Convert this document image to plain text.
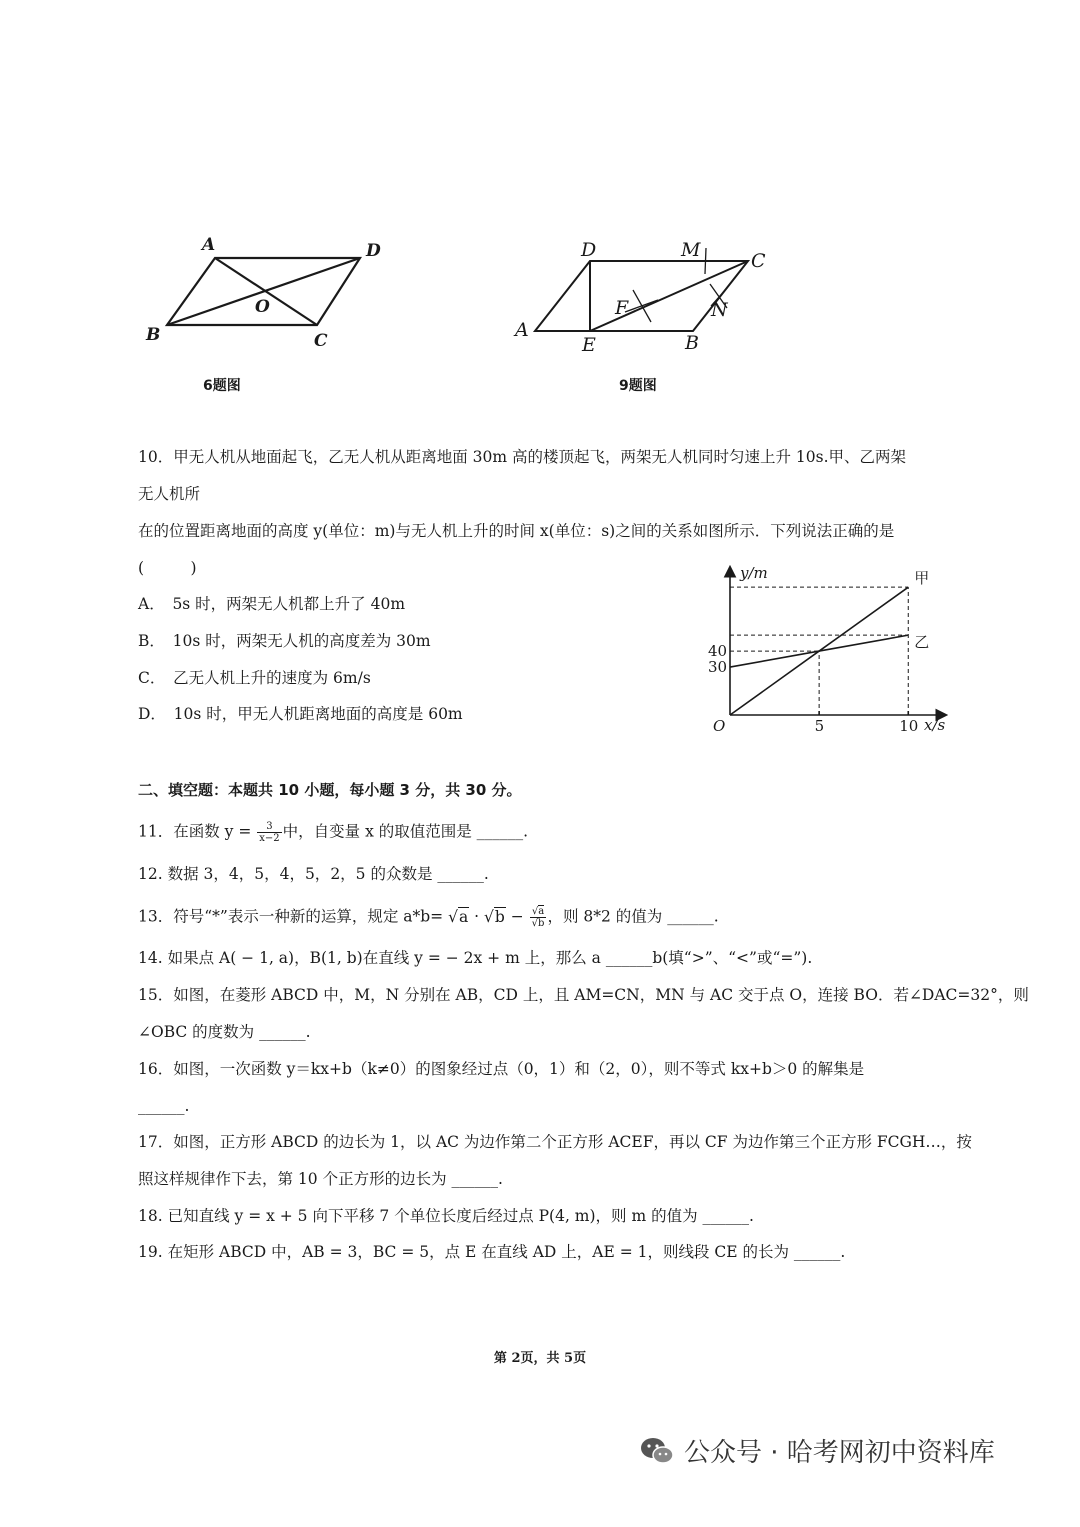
A	D
O
B	C
6题图
D	M	C
F	N
A
E	B
9题图
10．甲无人机从地面起飞，乙无人机从距离地面 30m 高的楼顶起飞，两架无人机同时匀速上升 10s.甲、乙两架
无人机所
在的位置距离地面的高度 y(单位：m)与无人机上升的时间 x(单位：s)之间的关系如图所示．下列说法正确的是
(　　　)
A．　5s 时，两架无人机都上升了 40m
B．　10s 时，两架无人机的高度差为 30m
C．　乙无人机上升的速度为 6m/s
D．　10s 时，甲无人机距离地面的高度是 60m
y/m
x/s
O
甲
乙
5	10
30
40
二、填空题：本题共 10 小题，每小题 3 分，共 30 分。
11．在函数 $y = \frac{3}{x-2}$ 中，自变量 x 的取值范围是 ______.
12. 数据 3，4，5，4，5，2，5 的众数是 ______.
13．符号“*”表示一种新的运算，规定 $a*b= √a \cdot √b - \frac{√a}{√b}$ ，则 8*2 的值为 ______.
14. 如果点 A( − 1, a)，B(1, b)在直线 y = − 2x + m 上，那么 a ______b(填“>”、“<”或“=”).
15．如图，在菱形 ABCD 中，M，N 分别在 AB，CD 上，且 AM=CN，MN 与 AC 交于点 O，连接 BO．若∠DAC=32°，则
∠OBC 的度数为 ______.
16．如图，一次函数 y＝kx+b（k≠0）的图象经过点（0，1）和（2，0），则不等式 kx+b＞0 的解集是
______.
17．如图，正方形 ABCD 的边长为 1，以 AC 为边作第二个正方形 ACEF，再以 CF 为边作第三个正方形 FCGH…，按
照这样规律作下去，第 10 个正方形的边长为 ______.
18. 已知直线 y = x + 5 向下平移 7 个单位长度后经过点 P(4, m)，则 m 的值为 ______.
19. 在矩形 ABCD 中，AB = 3，BC = 5，点 E 在直线 AD 上，AE = 1，则线段 CE 的长为 ______.
第 2页，共 5页
公众号 · 哈考网初中资料库
